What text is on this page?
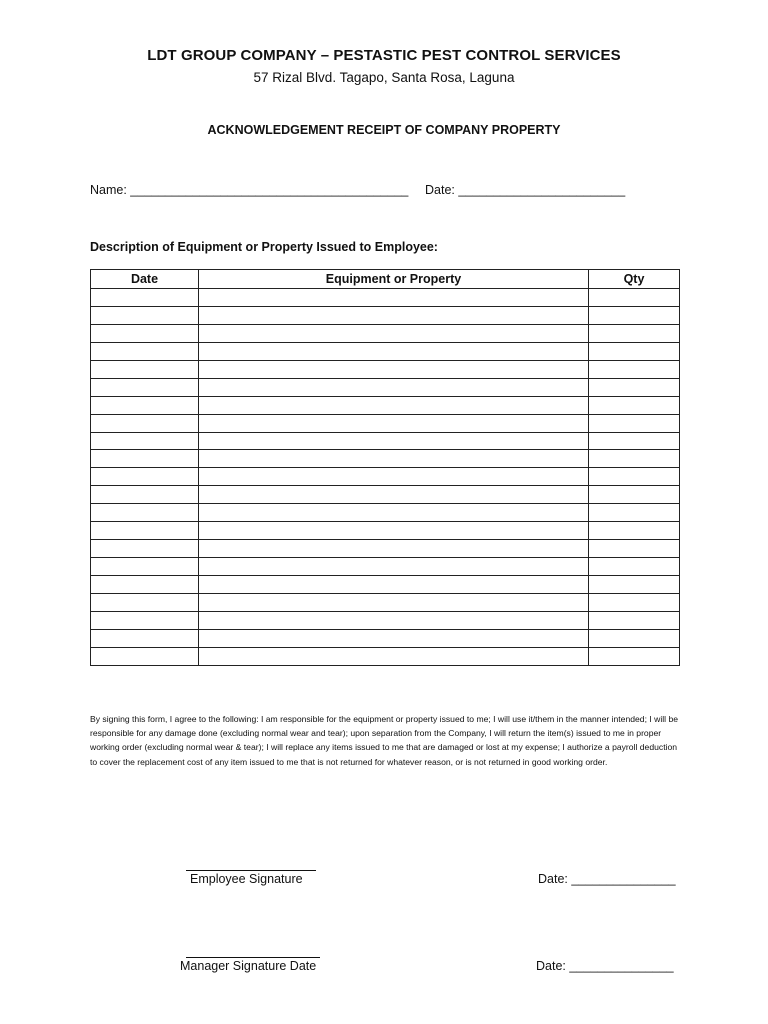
LDT GROUP COMPANY – PESTASTIC PEST CONTROL SERVICES
57 Rizal Blvd. Tagapo, Santa Rosa, Laguna
ACKNOWLEDGEMENT RECEIPT OF COMPANY PROPERTY
Name: ________________________________________ Date: ________________________
Description of Equipment or Property Issued to Employee:
Date	Equipment or Property	Qty

By signing this form, I agree to the following: I am responsible for the equipment or property issued to me; I will use it/them in the manner intended; I will be responsible for any damage done (excluding normal wear and tear); upon separation from the Company, I will return the item(s) issued to me in proper working order (excluding normal wear & tear); I will replace any items issued to me that are damaged or lost at my expense; I authorize a payroll deduction to cover the replacement cost of any item issued to me that is not returned for whatever reason, or is not returned in good working order.
Employee Signature	Date: _______________
Manager Signature Date	Date: _______________
